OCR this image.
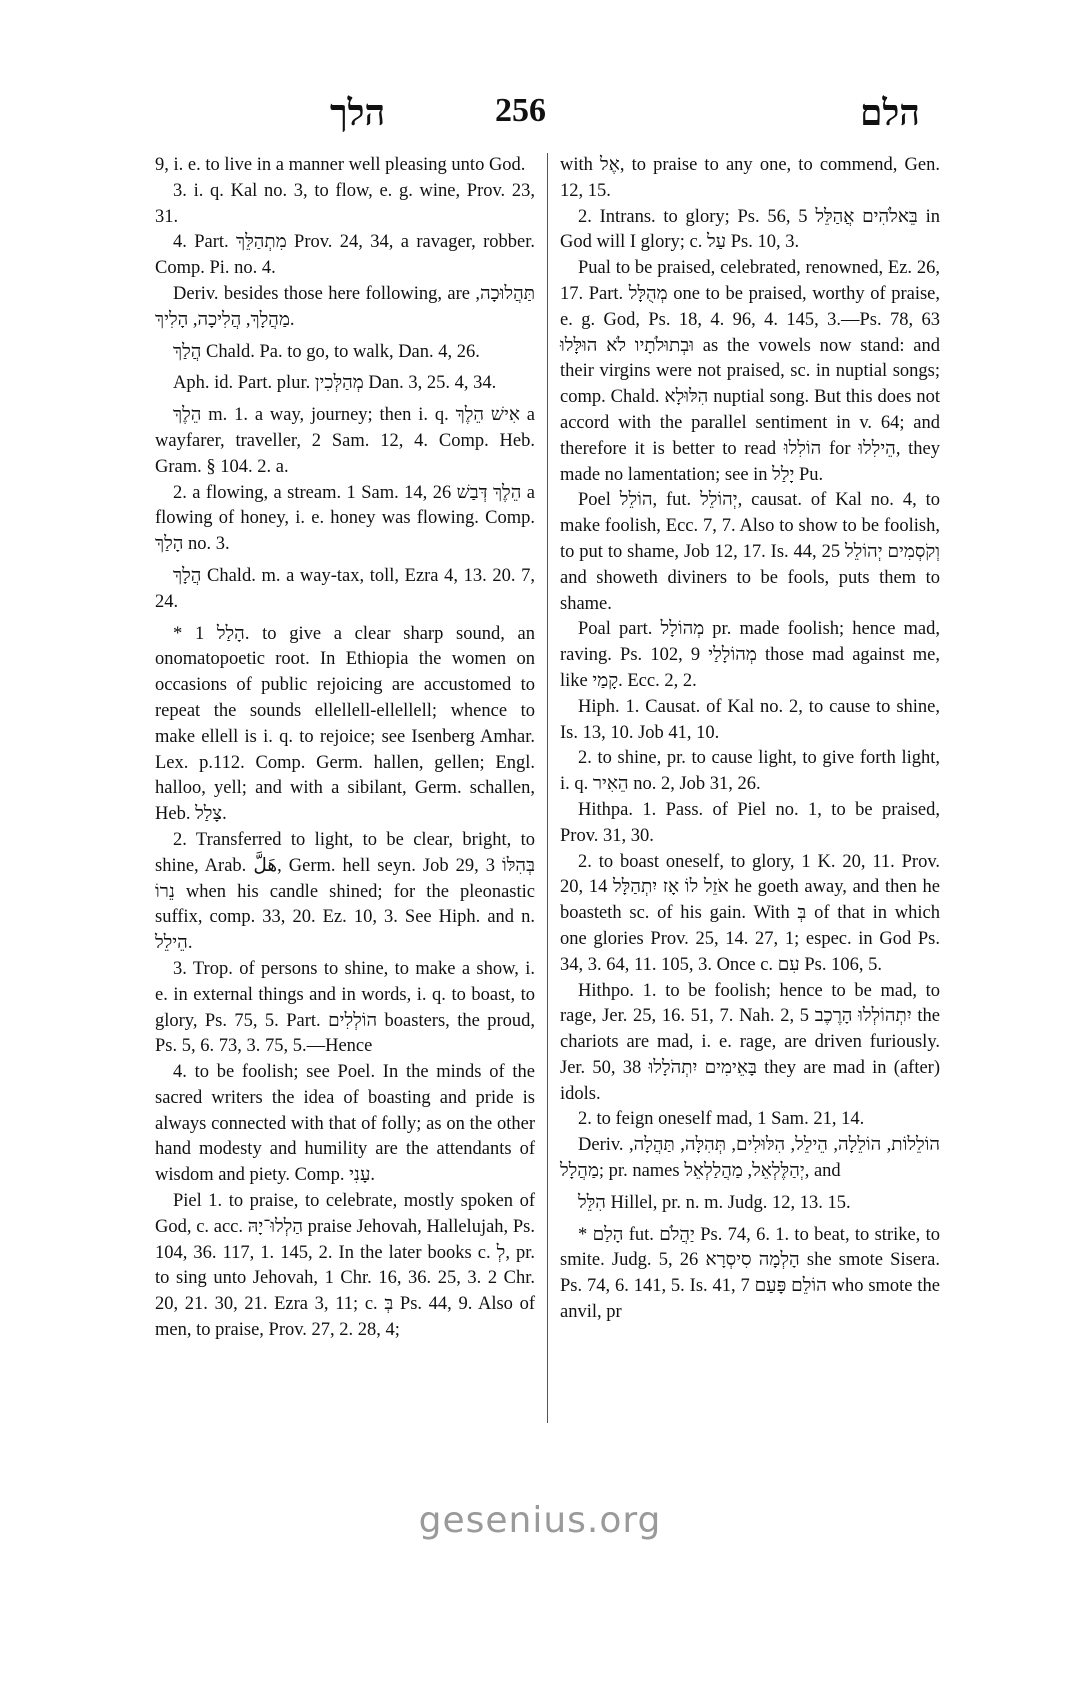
הלך	256	הלם

9, i. e. to live in a manner well pleasing unto God.

3. i. q. Kal no. 3, to flow, e. g. wine, Prov. 23, 31.

4. Part. מִתְהַלֵּךְ Prov. 24, 34, a ravager, robber. Comp. Pi. no. 4.

Deriv. besides those here following, are תַּהֲלוּכָה, מַהֲלָךְ, הֲלִיכָה, הָלִיךְ.

הֲלַךְ Chald. Pa. to go, to walk, Dan. 4, 26.

Aph. id. Part. plur. מְהַלְּכִין Dan. 3, 25. 4, 34.

הֵלֶךְ m. 1. a way, journey; then i. q. אִישׁ הֵלֶךְ a wayfarer, traveller, 2 Sam. 12, 4. Comp. Heb. Gram. § 104. 2. a.

2. a flowing, a stream. 1 Sam. 14, 26 הֵלֶךְ דְּבַשׁ a flowing of honey, i. e. honey was flowing. Comp. הָלַךְ no. 3.

הֲלָךְ Chald. m. a way-tax, toll, Ezra 4, 13. 20. 7, 24.

* הָלַל 1. to give a clear sharp sound, an onomatopoetic root. In Ethiopia the women on occasions of public rejoicing are accustomed to repeat the sounds ellellell-ellellell; whence to make ellell is i. q. to rejoice; see Isenberg Amhar. Lex. p.112. Comp. Germ. hallen, gellen; Engl. halloo, yell; and with a sibilant, Germ. schallen, Heb. צָלַל.

2. Transferred to light, to be clear, bright, to shine, Arab. هَلَّ, Germ. hell seyn. Job 29, 3 בְּהִלּוֹ נֵרוֹ when his candle shined; for the pleonastic suffix, comp. 33, 20. Ez. 10, 3. See Hiph. and n. הֵילֵל.

3. Trop. of persons to shine, to make a show, i. e. in external things and in words, i. q. to boast, to glory, Ps. 75, 5. Part. הוֹלְלִים boasters, the proud, Ps. 5, 6. 73, 3. 75, 5.—Hence

4. to be foolish; see Poel. In the minds of the sacred writers the idea of boasting and pride is always connected with that of folly; as on the other hand modesty and humility are the attendants of wisdom and piety. Comp. עָנִי.

Piel 1. to praise, to celebrate, mostly spoken of God, c. acc. הַלְלוּ־יָהּ praise Jehovah, Hallelujah, Ps. 104, 36. 117, 1. 145, 2. In the later books c. לְ, pr. to sing unto Jehovah, 1 Chr. 16, 36. 25, 3. 2 Chr. 20, 21. 30, 21. Ezra 3, 11; c. בְּ Ps. 44, 9. Also of men, to praise, Prov. 27, 2. 28, 4;

with אֶל, to praise to any one, to commend, Gen. 12, 15.

2. Intrans. to glory; Ps. 56, 5 בֵּאלֹהִים אֲהַלֵּל in God will I glory; c. עַל Ps. 10, 3.

Pual to be praised, celebrated, renowned, Ez. 26, 17. Part. מְהֻלָּל one to be praised, worthy of praise, e. g. God, Ps. 18, 4. 96, 4. 145, 3.—Ps. 78, 63 וּבְתוּלֹתָיו לֹא הוּלָּלוּ as the vowels now stand: and their virgins were not praised, sc. in nuptial songs; comp. Chald. הִלּוּלָא nuptial song. But this does not accord with the parallel sentiment in v. 64; and therefore it is better to read הוֹלִלוּ for הֵילִלוּ, they made no lamentation; see in יָלַל Pu.

Poel הוֹלֵל, fut. יְהוֹלֵל, causat. of Kal no. 4, to make foolish, Ecc. 7, 7. Also to show to be foolish, to put to shame, Job 12, 17. Is. 44, 25 וְקֹסְמִים יְהוֹלֵל and showeth diviners to be fools, puts them to shame.

Poal part. מְהוֹלָל pr. made foolish; hence mad, raving. Ps. 102, 9 מְהוֹלָלַי those mad against me, like קָמַי. Ecc. 2, 2.

Hiph. 1. Causat. of Kal no. 2, to cause to shine, Is. 13, 10. Job 41, 10.

2. to shine, pr. to cause light, to give forth light, i. q. הֵאִיר no. 2, Job 31, 26.

Hithpa. 1. Pass. of Piel no. 1, to be praised, Prov. 31, 30.

2. to boast oneself, to glory, 1 K. 20, 11. Prov. 20, 14 אֹזֵל לוֹ אָז יִתְהַלָּל he goeth away, and then he boasteth sc. of his gain. With בְּ of that in which one glories Prov. 25, 14. 27, 1; espec. in God Ps. 34, 3. 64, 11. 105, 3. Once c. עִם Ps. 106, 5.

Hithpo. 1. to be foolish; hence to be mad, to rage, Jer. 25, 16. 51, 7. Nah. 2, 5 יִתְהוֹלְלוּ הָרֶכֶב the chariots are mad, i. e. rage, are driven furiously. Jer. 50, 38 בָּאֵימִים יִתְהֹלָלוּ they are mad in (after) idols.

2. to feign oneself mad, 1 Sam. 21, 14.

Deriv. הוֹלֵלוֹת, הוֹלֵלָה, הֵילֵל, הִלּוּלִים, תְּהִלָּה, תַּהֲלָה, מַהֲלָל; pr. names יְהַלֶּלְאֵל, מַהֲלַלְאֵל, and

הִלֵּל Hillel, pr. n. m. Judg. 12, 13. 15.

* הָלַם fut. יַהֲלֹם Ps. 74, 6. 1. to beat, to strike, to smite. Judg. 5, 26 הָלְמָה סִיסְרָא she smote Sisera. Ps. 74, 6. 141, 5. Is. 41, 7 הוֹלֵם פָּעַם who smote the anvil, pr

gesenius.org
